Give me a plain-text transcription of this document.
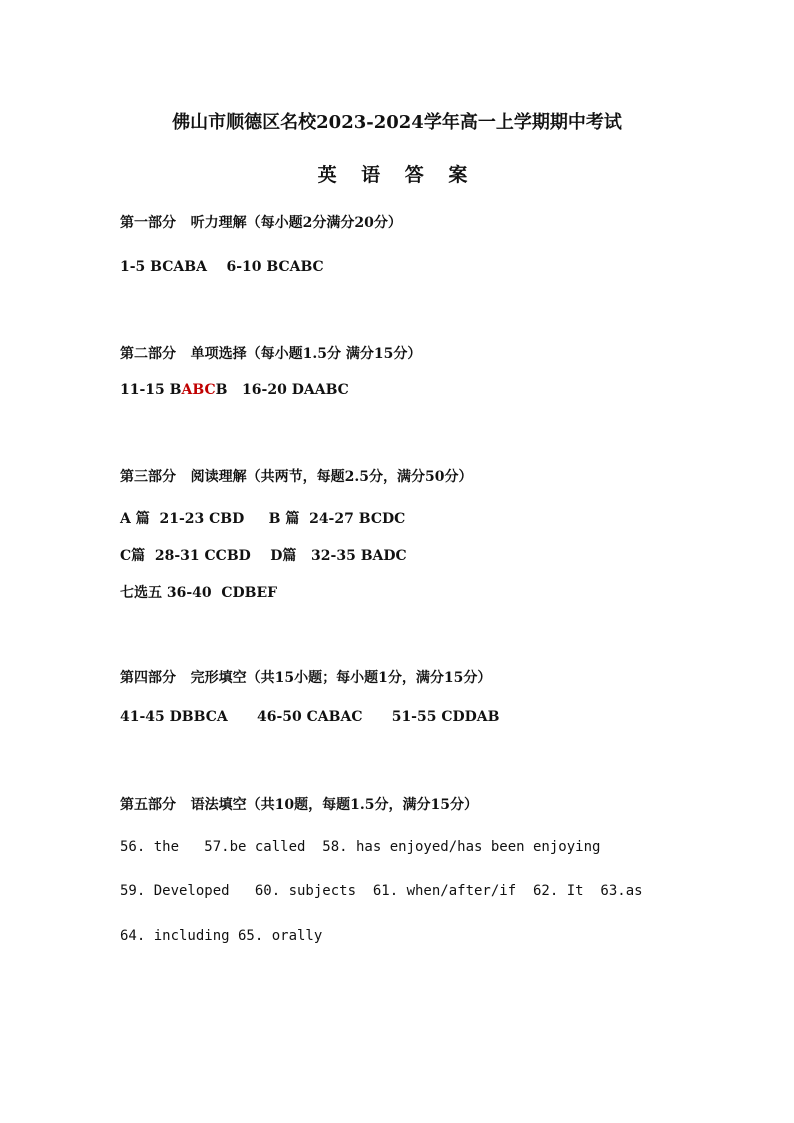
佛山市顺德区名校2023-2024学年高一上学期期中考试
英 语 答 案
第一部分   听力理解（每小题2分满分20分）
1-5 BCABA    6-10 BCABC
第二部分   单项选择（每小题1.5分 满分15分）
11-15 BABCB   16-20 DAABC
第三部分   阅读理解（共两节，每题2.5分，满分50分）
A 篇  21-23 CBD     B 篇  24-27 BCDC
C篇  28-31 CCBD    D篇   32-35 BADC
七选五 36-40  CDBEF
第四部分   完形填空（共15小题；每小题1分，满分15分）
41-45 DBBCA      46-50 CABAC      51-55 CDDAB
第五部分   语法填空（共10题，每题1.5分，满分15分）
56. the   57.be called  58. has enjoyed/has been enjoying
59. Developed   60. subjects  61. when/after/if  62. It  63.as
64. including 65. orally
